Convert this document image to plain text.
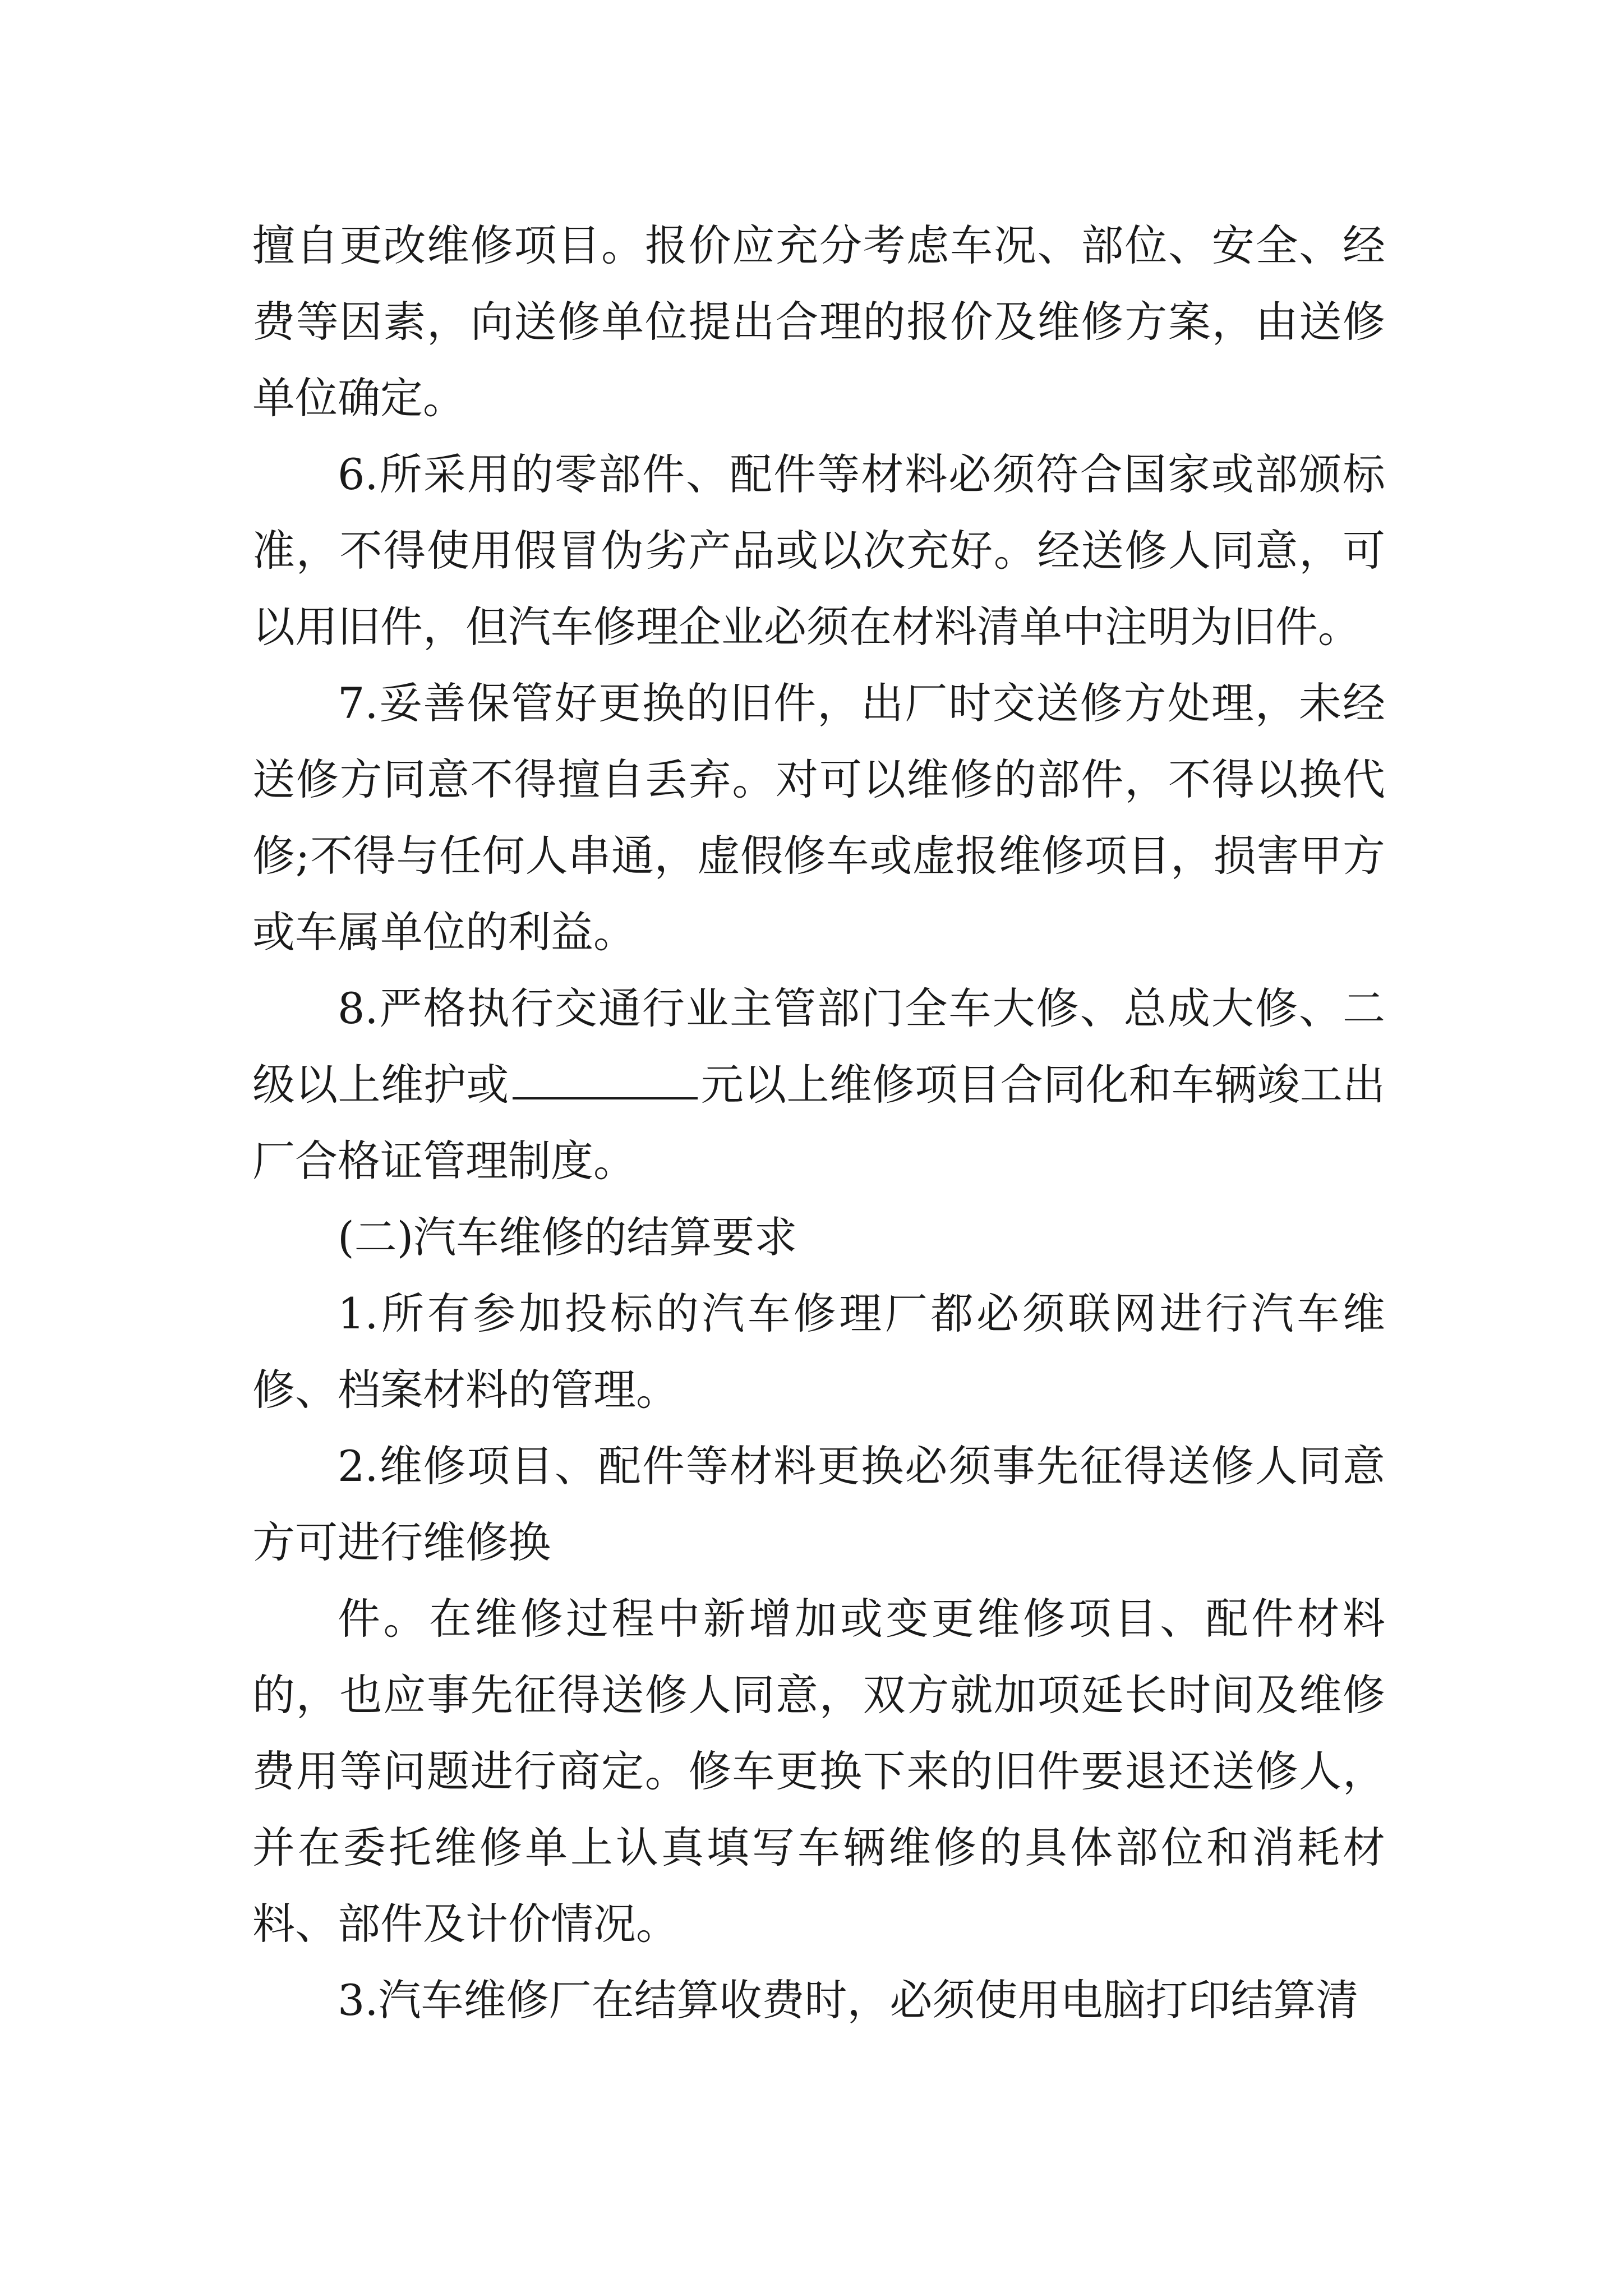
擅自更改维修项目。报价应充分考虑车况、部位、安全、经费等因素，向送修单位提出合理的报价及维修方案，由送修单位确定。

6.所采用的零部件、配件等材料必须符合国家或部颁标准，不得使用假冒伪劣产品或以次充好。经送修人同意，可以用旧件，但汽车修理企业必须在材料清单中注明为旧件。

7.妥善保管好更换的旧件，出厂时交送修方处理，未经送修方同意不得擅自丢弃。对可以维修的部件，不得以换代修;不得与任何人串通，虚假修车或虚报维修项目，损害甲方或车属单位的利益。

8.严格执行交通行业主管部门全车大修、总成大修、二级以上维护或	元以上维修项目合同化和车辆竣工出厂合格证管理制度。

(二)汽车维修的结算要求

1.所有参加投标的汽车修理厂都必须联网进行汽车维修、档案材料的管理。

2.维修项目、配件等材料更换必须事先征得送修人同意方可进行维修换

件。在维修过程中新增加或变更维修项目、配件材料的，也应事先征得送修人同意，双方就加项延长时间及维修费用等问题进行商定。修车更换下来的旧件要退还送修人，并在委托维修单上认真填写车辆维修的具体部位和消耗材料、部件及计价情况。

3.汽车维修厂在结算收费时，必须使用电脑打印结算清
